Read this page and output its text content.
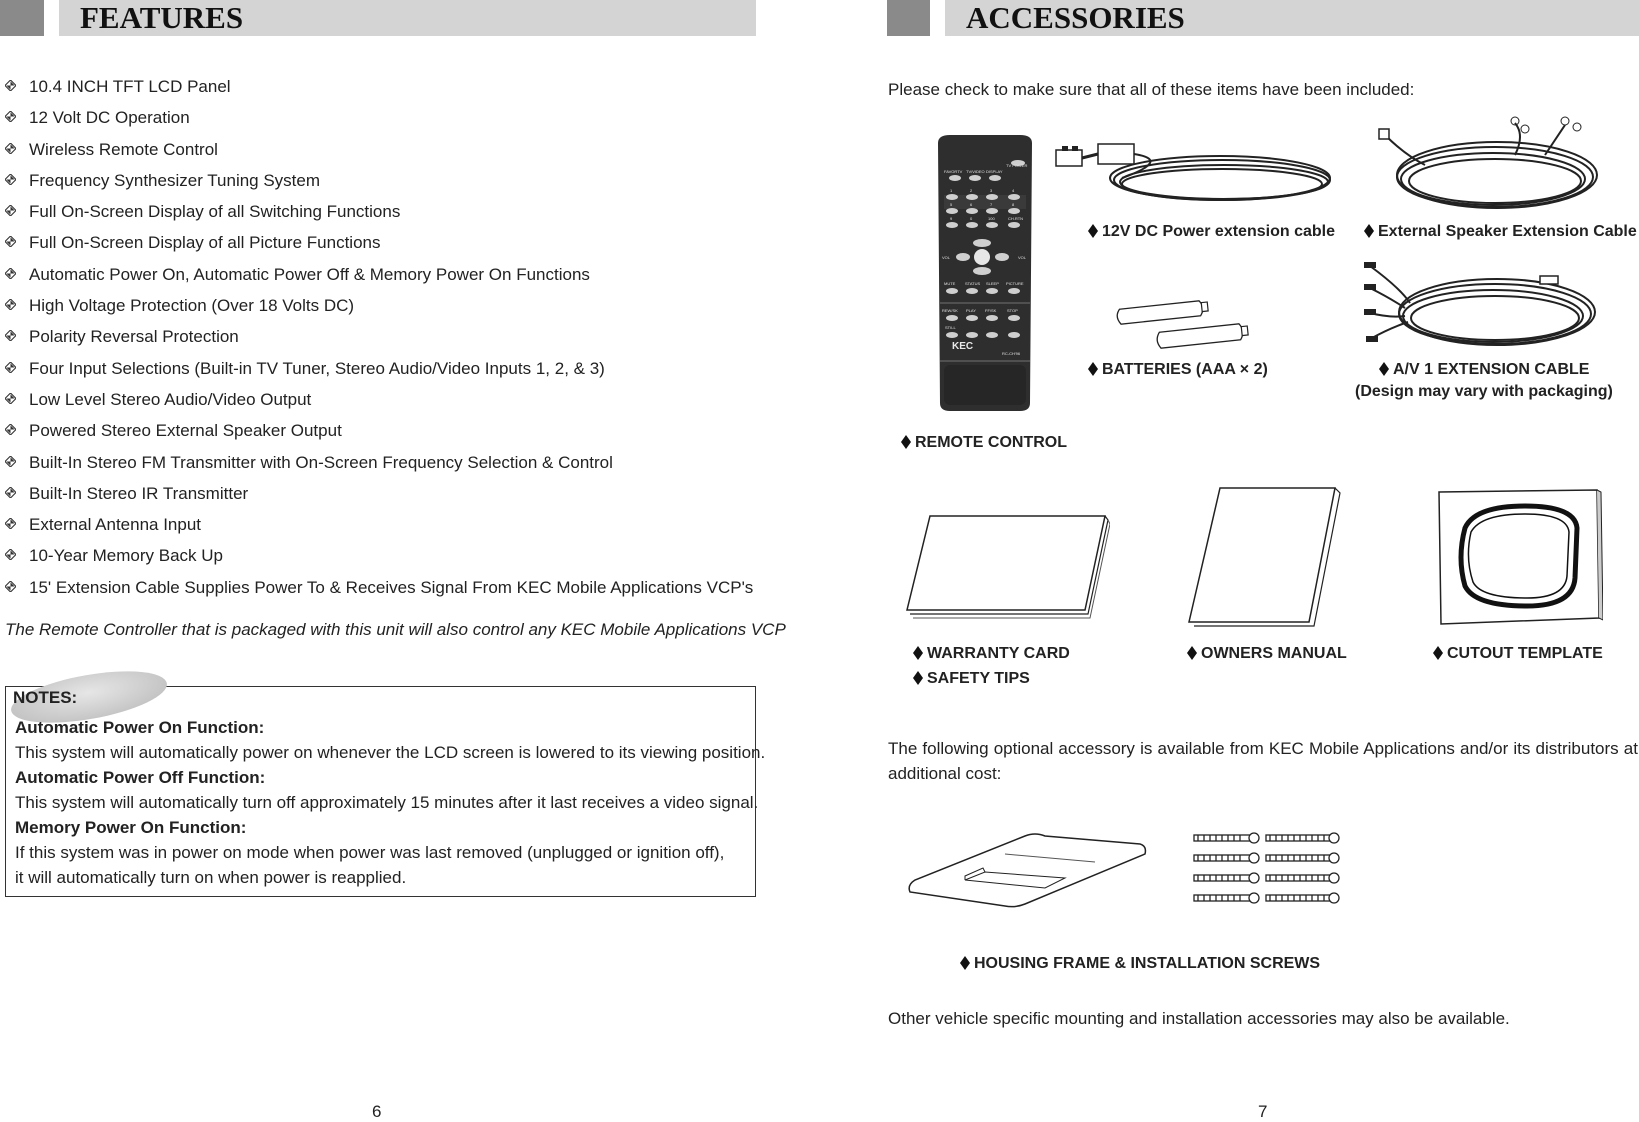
FEATURES
10.4 INCH TFT LCD Panel
12 Volt DC Operation
Wireless Remote Control
Frequency Synthesizer Tuning System
Full On-Screen Display of all Switching Functions
Full On-Screen Display of all Picture Functions
Automatic Power On, Automatic Power Off & Memory Power On Functions
High Voltage Protection (Over 18 Volts DC)
Polarity Reversal Protection
Four Input Selections (Built-in TV Tuner, Stereo Audio/Video Inputs 1, 2, & 3)
Low Level Stereo Audio/Video Output
Powered Stereo External Speaker Output
Built-In Stereo FM Transmitter with On-Screen Frequency Selection & Control
Built-In Stereo IR Transmitter
External Antenna Input
10-Year Memory Back Up
15' Extension Cable Supplies Power To & Receives Signal From KEC Mobile Applications VCP's
The Remote Controller that is packaged with this unit will also control any KEC Mobile Applications VCP
NOTES:
Automatic Power On Function:
This system will automatically power on whenever the LCD screen is lowered to its viewing position.
Automatic Power Off Function:
This system will automatically turn off approximately 15 minutes after it last receives a video signal.
Memory Power On Function:
If this system was in power on mode when power was last removed (unplugged or ignition off),
it will automatically turn on when power is reapplied.
6
ACCESSORIES
Please check to make sure that all of these items have been included:
TV POWER
FAVORTV TV/VIDEO DISPLAY
1	2	3	4
5	6	7	8
9	0	100	CH.RTN
VOL	VOL
MUTE STATUS SLEEP PICTURE
REW/SK PLAY FF/SK	STOP
STILL
RC-CH'96
KEC
12V DC Power extension cable	External Speaker Extension Cable
BATTERIES (AAA × 2)	A/V 1 EXTENSION CABLE
(Design may vary with packaging)
REMOTE CONTROL
WARRANTY CARD
SAFETY TIPS
OWNERS MANUAL	CUTOUT TEMPLATE
The following optional accessory is available from KEC Mobile Applications and/or its distributors at additional cost:
HOUSING FRAME & INSTALLATION SCREWS
Other vehicle specific mounting and installation accessories may also be available.
7
